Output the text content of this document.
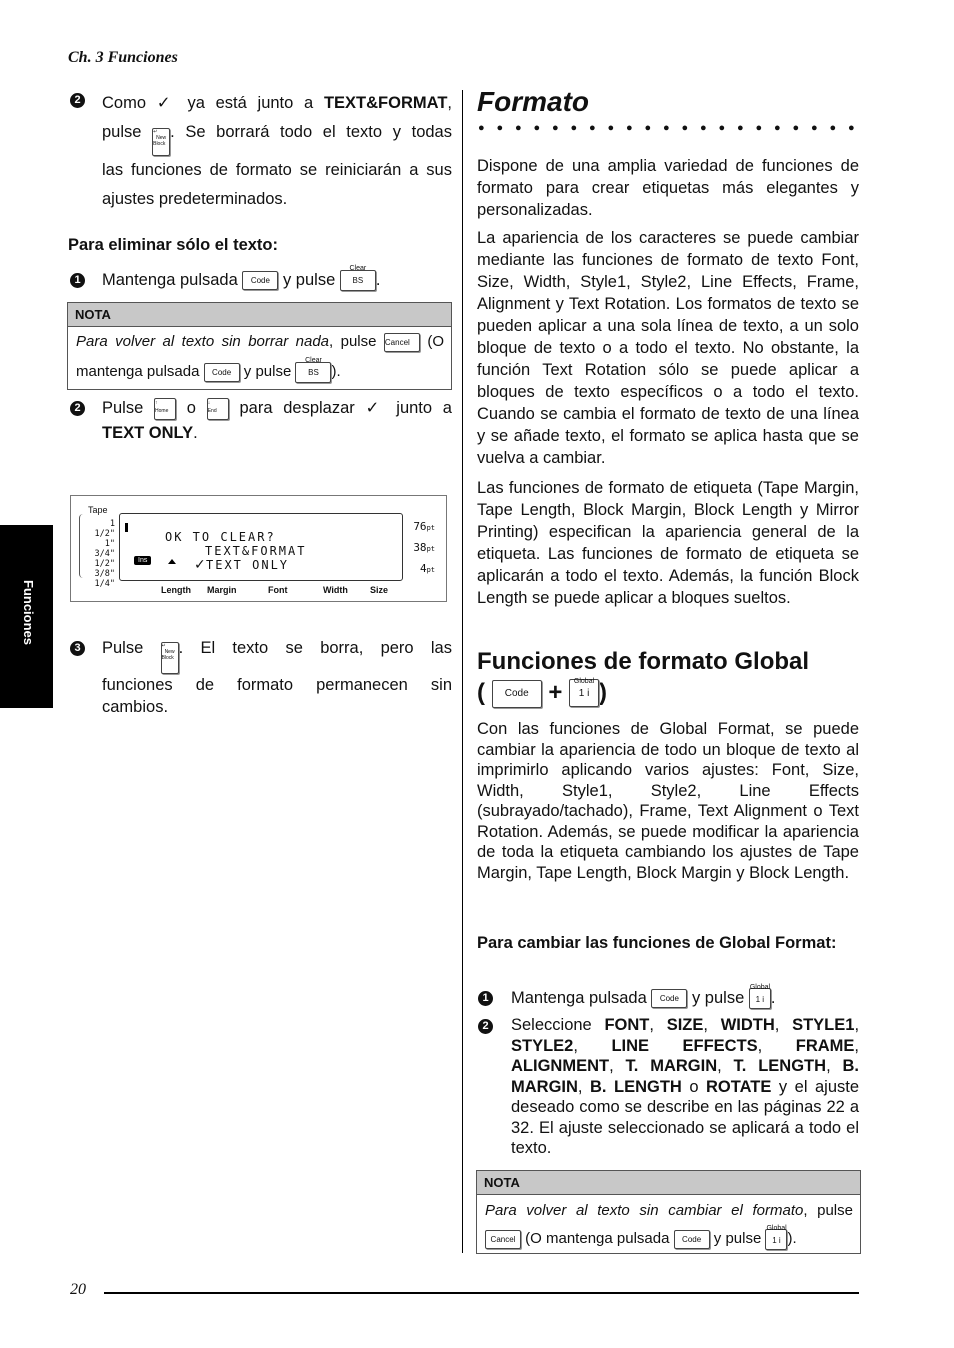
Ch. 3 Funciones
Funciones
2 Como ✓ ya está junto a TEXT&FORMAT,
pulse ↵
New Block. Se borrará todo el texto y todas
las funciones de formato se reiniciarán a sus
ajustes predeterminados.
Para eliminar sólo el texto:
1 Mantenga pulsada Code y pulse
Clear
BS .
NOTA
Para volver al texto sin borrar nada, pulse Cancel (O
mantenga pulsada Code y pulse
Clear
BS ).
2 Pulse ↑
Home o ↓
End para desplazar ✓ junto a
TEXT ONLY.
Tape
1 1/2"
1"
3/4"
1/2"
3/8"
1/4"
OK TO CLEAR?
TEXT&FORMAT
✓ TEXT ONLY
Ins
76pt
38pt
4pt
Length Margin	Font	Width Size
3 Pulse	↵
New Block. El texto se borra, pero las
funciones de formato permanecen sin
cambios.
Formato
● ● ● ● ● ● ● ● ● ● ● ● ● ● ● ● ● ● ● ● ●
Dispone de una amplia variedad de funciones de formato para crear etiquetas más elegantes y personalizadas.
La apariencia de los caracteres se puede cambiar mediante las funciones de formato de texto Font, Size, Width, Style1, Style2, Line Effects, Frame, Alignment y Text Rotation. Los formatos de texto se pueden aplicar a una sola línea de texto, a un solo bloque de texto o a todo el texto. No obstante, la función Text Rotation sólo se puede aplicar a bloques de texto específicos o a todo el texto. Cuando se cambia el formato de texto de una línea y se añade texto, el formato se aplica hasta que se vuelva a cambiar.
Las funciones de formato de etiqueta (Tape Margin, Tape Length, Block Margin, Block Length y Mirror Printing) especifican la apariencia general de la etiqueta. Las funciones de formato de etiqueta se aplicarán a todo el texto. Además, la función Block Length se puede aplicar a bloques sueltos.
Funciones de formato Global
( Code +	Global
1 i )
Con las funciones de Global Format, se puede cambiar la apariencia de todo un bloque de texto al imprimirlo aplicando varios ajustes: Font, Size, Width, Style1, Style2, Line Effects (subrayado/tachado), Frame, Text Alignment o Text Rotation. Además, se puede modificar la apariencia de toda la etiqueta cambiando los ajustes de Tape Margin, Tape Length, Block Margin y Block Length.
Para cambiar las funciones de Global Format:
1 Mantenga pulsada Code y pulse
Global
1 i .
2 Seleccione FONT, SIZE, WIDTH, STYLE1, STYLE2, LINE EFFECTS, FRAME, ALIGNMENT, T. MARGIN, T. LENGTH, B. MARGIN, B. LENGTH o ROTATE y el ajuste deseado como se describe en las páginas 22 a 32. El ajuste seleccionado se aplicará a todo el texto.
NOTA
Para volver al texto sin cambiar el formato, pulse
Cancel (O mantenga pulsada Code y pulse
Global
1 i ).
20
